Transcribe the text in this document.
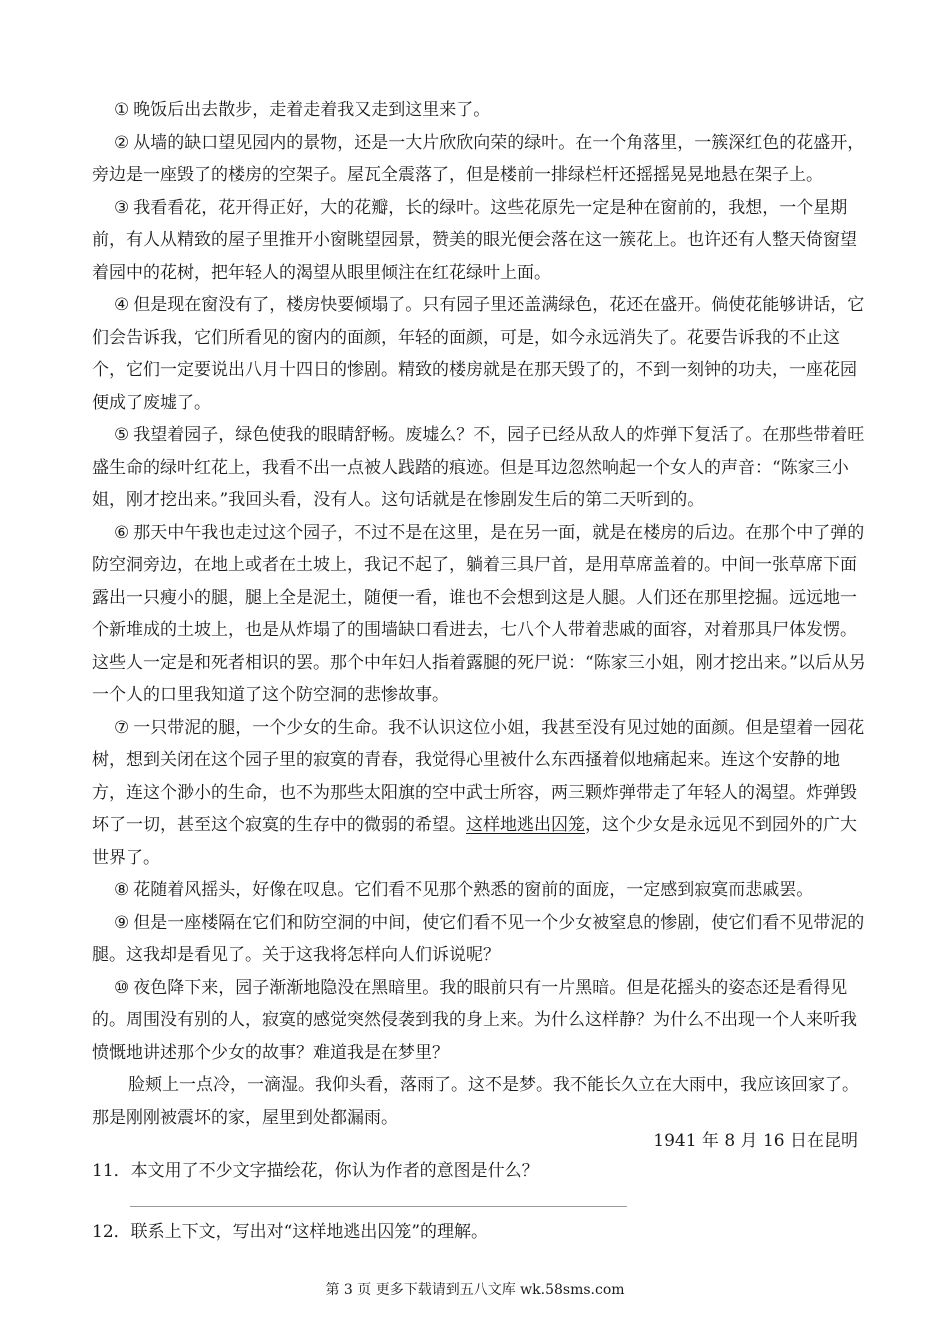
① 晚饭后出去散步，走着走着我又走到这里来了。

② 从墙的缺口望见园内的景物，还是一大片欣欣向荣的绿叶。在一个角落里，一簇深红色的花盛开，旁边是一座毁了的楼房的空架子。屋瓦全震落了，但是楼前一排绿栏杆还摇摇晃晃地悬在架子上。

③ 我看看花，花开得正好，大的花瓣，长的绿叶。这些花原先一定是种在窗前的，我想，一个星期前，有人从精致的屋子里推开小窗眺望园景，赞美的眼光便会落在这一簇花上。也许还有人整天倚窗望着园中的花树，把年轻人的渴望从眼里倾注在红花绿叶上面。

④ 但是现在窗没有了，楼房快要倾塌了。只有园子里还盖满绿色，花还在盛开。倘使花能够讲话，它们会告诉我，它们所看见的窗内的面颜，年轻的面颜，可是，如今永远消失了。花要告诉我的不止这个，它们一定要说出八月十四日的惨剧。精致的楼房就是在那天毁了的，不到一刻钟的功夫，一座花园便成了废墟了。

⑤ 我望着园子，绿色使我的眼睛舒畅。废墟么？不，园子已经从敌人的炸弹下复活了。在那些带着旺盛生命的绿叶红花上，我看不出一点被人践踏的痕迹。但是耳边忽然响起一个女人的声音：“陈家三小姐，刚才挖出来。”我回头看，没有人。这句话就是在惨剧发生后的第二天听到的。

⑥ 那天中午我也走过这个园子，不过不是在这里，是在另一面，就是在楼房的后边。在那个中了弹的防空洞旁边，在地上或者在土坡上，我记不起了，躺着三具尸首，是用草席盖着的。中间一张草席下面露出一只瘦小的腿，腿上全是泥土，随便一看，谁也不会想到这是人腿。人们还在那里挖掘。远远地一个新堆成的土坡上，也是从炸塌了的围墙缺口看进去，七八个人带着悲戚的面容，对着那具尸体发愣。这些人一定是和死者相识的罢。那个中年妇人指着露腿的死尸说：“陈家三小姐，刚才挖出来。”以后从另一个人的口里我知道了这个防空洞的悲惨故事。

⑦ 一只带泥的腿，一个少女的生命。我不认识这位小姐，我甚至没有见过她的面颜。但是望着一园花树，想到关闭在这个园子里的寂寞的青春，我觉得心里被什么东西搔着似地痛起来。连这个安静的地方，连这个渺小的生命，也不为那些太阳旗的空中武士所容，两三颗炸弹带走了年轻人的渴望。炸弹毁坏了一切，甚至这个寂寞的生存中的微弱的希望。这样地逃出囚笼，这个少女是永远见不到园外的广大世界了。

⑧ 花随着风摇头，好像在叹息。它们看不见那个熟悉的窗前的面庞，一定感到寂寞而悲戚罢。

⑨ 但是一座楼隔在它们和防空洞的中间，使它们看不见一个少女被窒息的惨剧，使它们看不见带泥的腿。这我却是看见了。关于这我将怎样向人们诉说呢？

⑩ 夜色降下来，园子渐渐地隐没在黑暗里。我的眼前只有一片黑暗。但是花摇头的姿态还是看得见的。周围没有别的人，寂寞的感觉突然侵袭到我的身上来。为什么这样静？为什么不出现一个人来听我愤慨地讲述那个少女的故事？难道我是在梦里？

脸颊上一点冷，一滴湿。我仰头看，落雨了。这不是梦。我不能长久立在大雨中，我应该回家了。那是刚刚被震坏的家，屋里到处都漏雨。

1941 年 8 月 16 日在昆明
11．本文用了不少文字描绘花，你认为作者的意图是什么？
12．联系上下文，写出对“这样地逃出囚笼”的理解。
第 3 页 更多下载请到五八文库 wk.58sms.com
